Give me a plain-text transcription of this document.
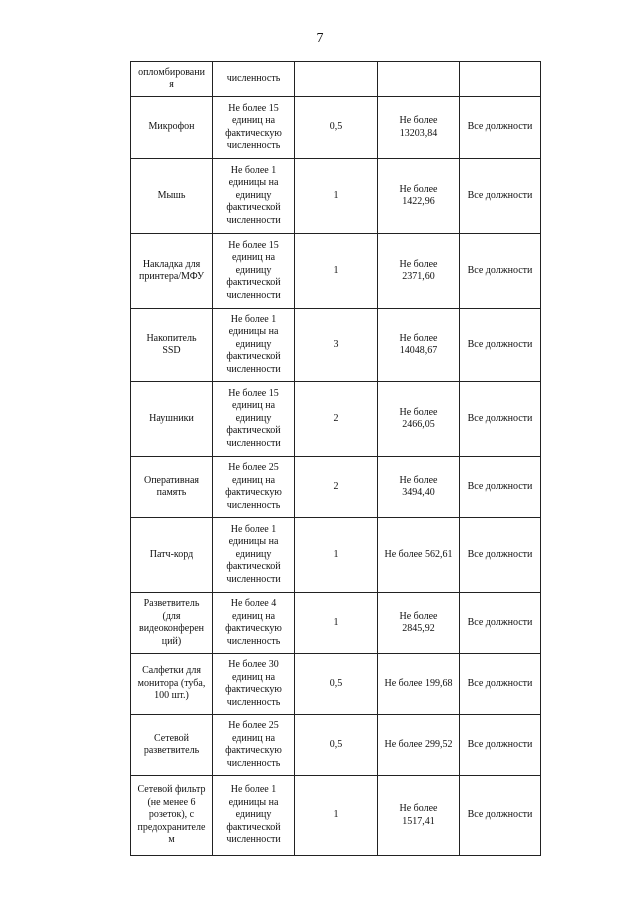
7
оплoмбировани
я	численность			

Микрофон	Не более 15
единиц на
фактическую
численность	0,5	Не более
13203,84	Все должности

Мышь	Не более 1
единицы на
единицу
фактической
численности	1	Не более
1422,96	Все должности

Накладка для
принтера/МФУ	Не более 15
единиц на
единицу
фактической
численности	1	Не более
2371,60	Все должности

Накопитель
SSD	Не более 1
единицы на
единицу
фактической
численности	3	Не более
14048,67	Все должности

Наушники	Не более 15
единиц на
единицу
фактической
численности	2	Не более
2466,05	Все должности

Оперативная
память	Не более 25
единиц на
фактическую
численность	2	Не более
3494,40	Все должности

Патч-корд	Не более 1
единицы на
единицу
фактической
численности	1	Не более 562,61	Все должности

Разветвитель
(для
видеоконферен
ций)	Не более 4
единиц на
фактическую
численность	1	Не более
2845,92	Все должности

Салфетки для
монитора (туба,
100 шт.)	Не более 30
единиц на
фактическую
численность	0,5	Не более 199,68	Все должности

Сетевой
разветвитель	Не более 25
единиц на
фактическую
численность	0,5	Не более 299,52	Все должности

Сетевой фильтр
(не менее 6
розеток), с
предохранителе
м	Не более 1
единицы на
единицу
фактической
численности	1	Не более
1517,41	Все должности
